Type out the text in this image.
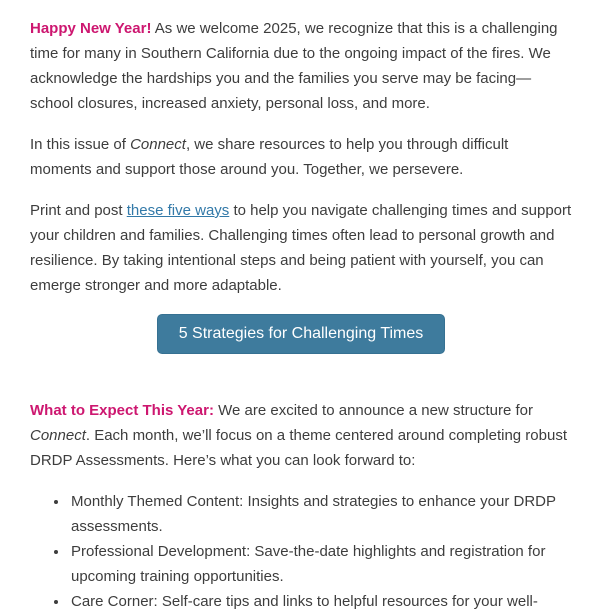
Happy New Year! As we welcome 2025, we recognize that this is a challenging time for many in Southern California due to the ongoing impact of the fires. We acknowledge the hardships you and the families you serve may be facing—school closures, increased anxiety, personal loss, and more.

In this issue of Connect, we share resources to help you through difficult moments and support those around you. Together, we persevere.

Print and post these five ways to help you navigate challenging times and support your children and families. Challenging times often lead to personal growth and resilience. By taking intentional steps and being patient with yourself, you can emerge stronger and more adaptable.

5 Strategies for Challenging Times

What to Expect This Year: We are excited to announce a new structure for Connect. Each month, we’ll focus on a theme centered around completing robust DRDP Assessments. Here’s what you can look forward to:

• Monthly Themed Content: Insights and strategies to enhance your DRDP assessments.
• Professional Development: Save-the-date highlights and registration for upcoming training opportunities.
• Care Corner: Self-care tips and links to helpful resources for your well-
